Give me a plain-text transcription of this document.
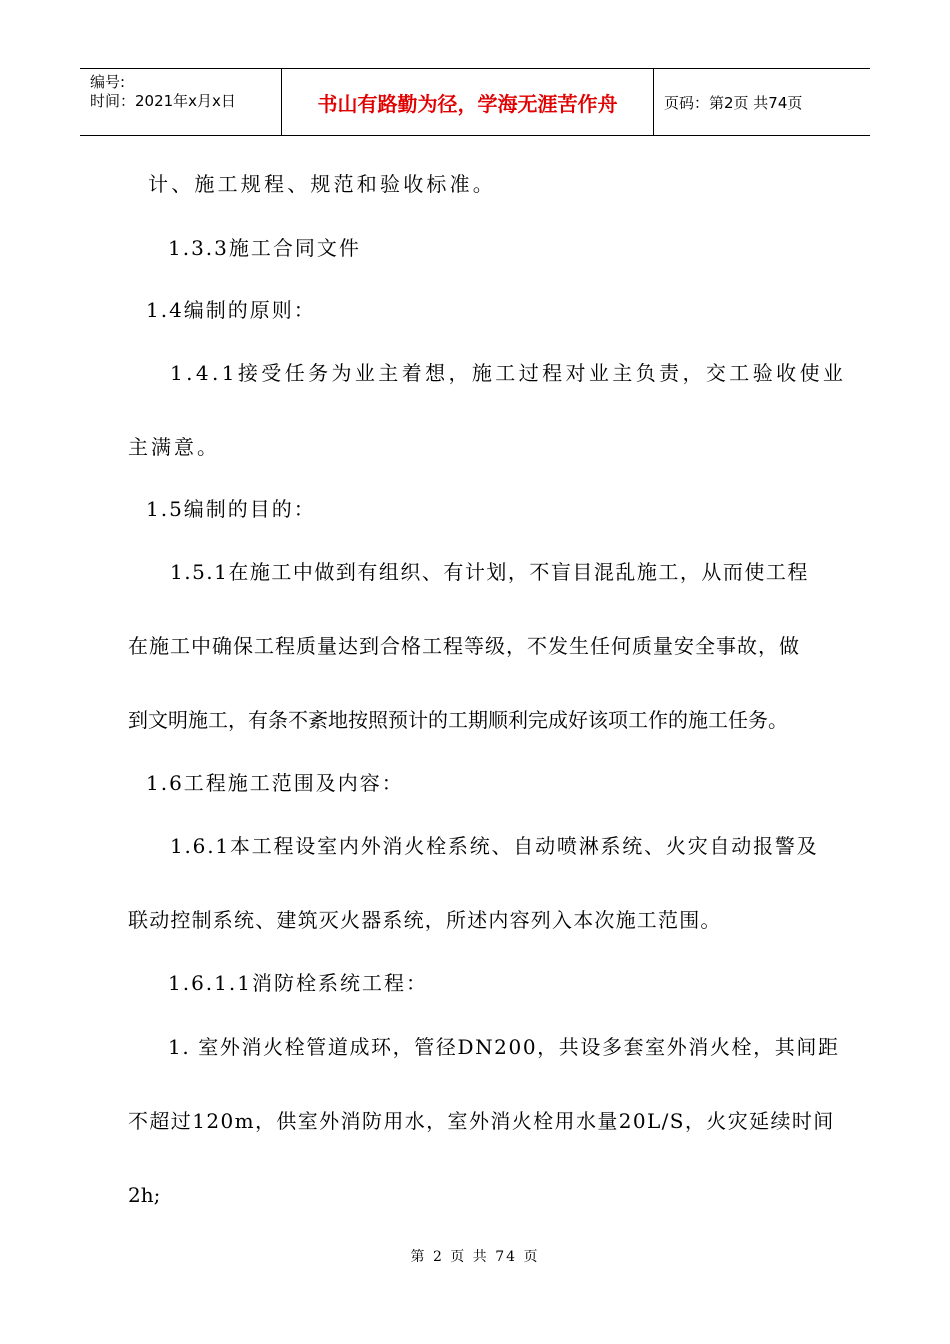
编号:
时间：2021年x月x日	书山有路勤为径，学海无涯苦作舟	页码：第2页 共74页
计、施工规程、规范和验收标准。
1.3.3施工合同文件
1.4编制的原则：
1.4.1接受任务为业主着想，施工过程对业主负责，交工验收使业
主满意。
1.5编制的目的：
1.5.1在施工中做到有组织、有计划，不盲目混乱施工，从而使工程
在施工中确保工程质量达到合格工程等级，不发生任何质量安全事故，做
到文明施工，有条不紊地按照预计的工期顺利完成好该项工作的施工任务。
1.6工程施工范围及内容：
1.6.1本工程设室内外消火栓系统、自动喷淋系统、火灾自动报警及
联动控制系统、建筑灭火器系统，所述内容列入本次施工范围。
1.6.1.1消防栓系统工程：
1. 室外消火栓管道成环，管径DN200，共设多套室外消火栓，其间距
不超过120m，供室外消防用水，室外消火栓用水量20L/S，火灾延续时间
2h;
第 2 页 共 74 页
